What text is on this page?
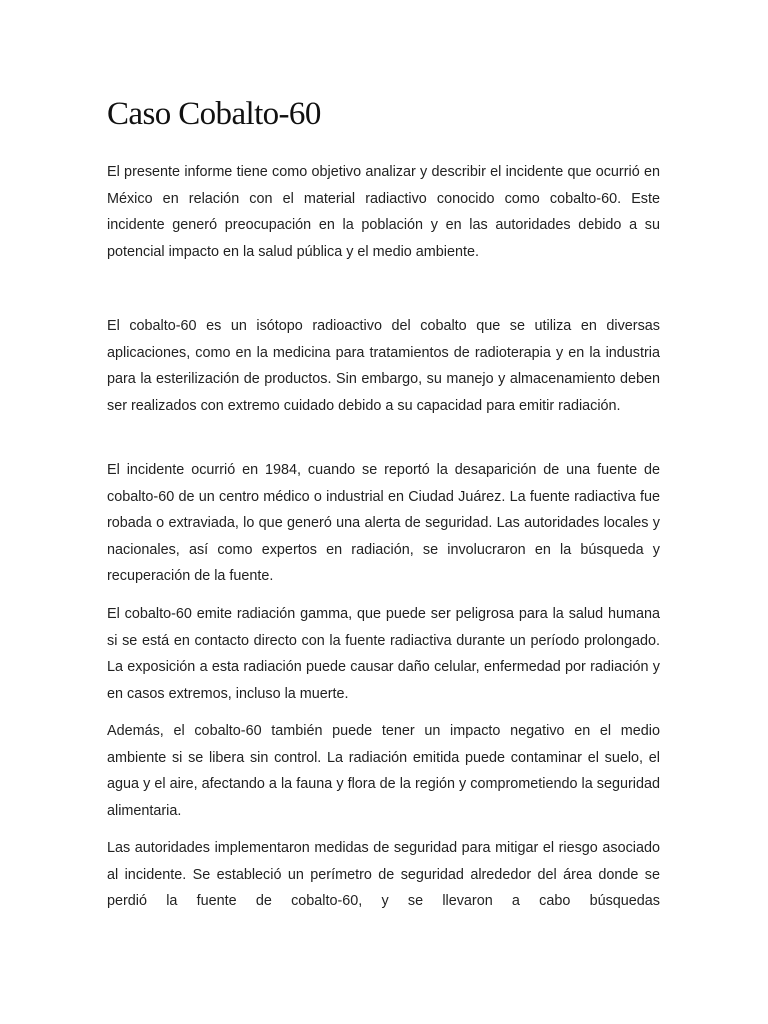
Caso Cobalto-60

El presente informe tiene como objetivo analizar y describir el incidente que ocurrió en México en relación con el material radiactivo conocido como cobalto-60. Este incidente generó preocupación en la población y en las autoridades debido a su potencial impacto en la salud pública y el medio ambiente.

El cobalto-60 es un isótopo radioactivo del cobalto que se utiliza en diversas aplicaciones, como en la medicina para tratamientos de radioterapia y en la industria para la esterilización de productos. Sin embargo, su manejo y almacenamiento deben ser realizados con extremo cuidado debido a su capacidad para emitir radiación.

El incidente ocurrió en 1984, cuando se reportó la desaparición de una fuente de cobalto-60 de un centro médico o industrial en Ciudad Juárez. La fuente radiactiva fue robada o extraviada, lo que generó una alerta de seguridad. Las autoridades locales y nacionales, así como expertos en radiación, se involucraron en la búsqueda y recuperación de la fuente.

El cobalto-60 emite radiación gamma, que puede ser peligrosa para la salud humana si se está en contacto directo con la fuente radiactiva durante un período prolongado. La exposición a esta radiación puede causar daño celular, enfermedad por radiación y en casos extremos, incluso la muerte.

Además, el cobalto-60 también puede tener un impacto negativo en el medio ambiente si se libera sin control. La radiación emitida puede contaminar el suelo, el agua y el aire, afectando a la fauna y flora de la región y comprometiendo la seguridad alimentaria.

Las autoridades implementaron medidas de seguridad para mitigar el riesgo asociado al incidente. Se estableció un perímetro de seguridad alrededor del área donde se perdió la fuente de cobalto-60, y se llevaron a cabo búsquedas
